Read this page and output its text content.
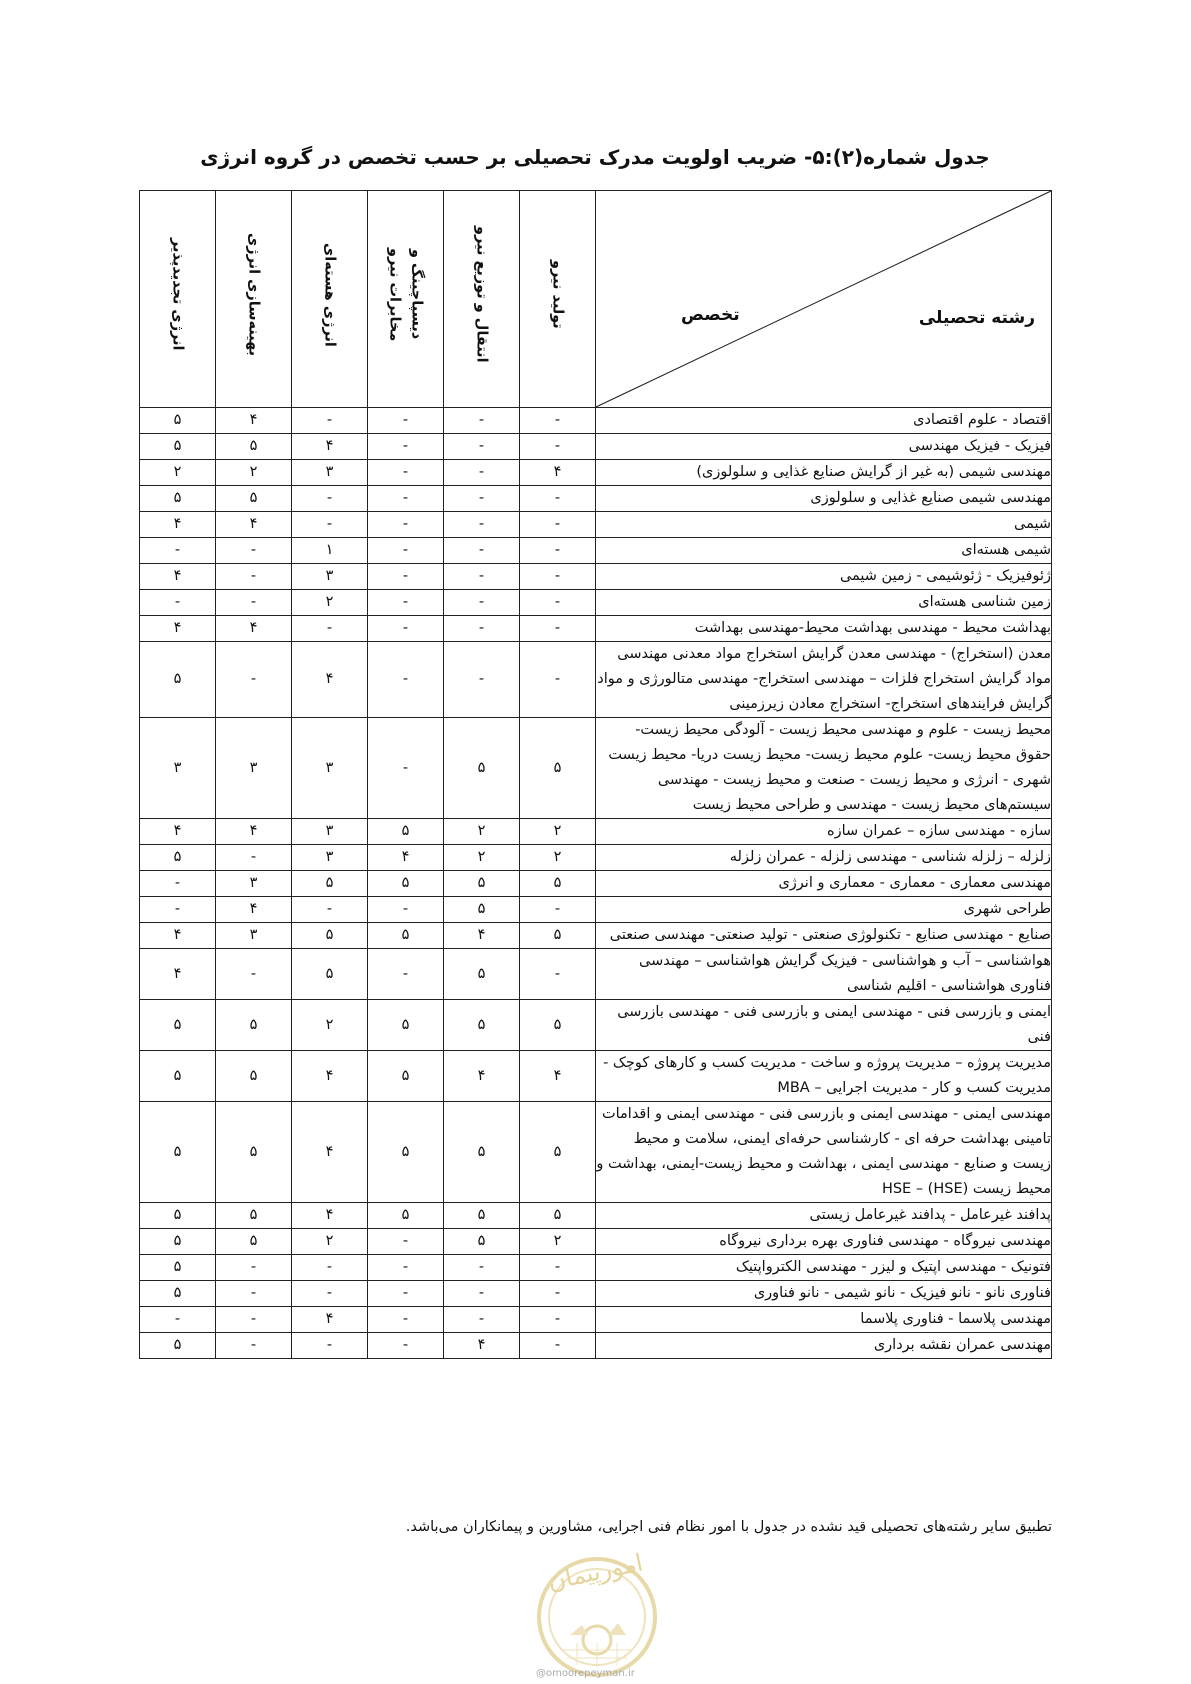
جدول شماره(۲):۵- ضریب اولویت مدرک تحصیلی بر حسب تخصص در گروه انرژی
رشته تحصیلی
تخصص	تولید نیرو	انتقال و توزیع نیرو	دیسپاچینگ و
مخابرات نیرو	انرژی هسته‌ای	بهینه‌سازی انرژی	انرژی تجدیدپذیر
اقتصاد - علوم اقتصادی	-	-	-	-	۴	۵
فیزیک - فیزیک مهندسی	-	-	-	۴	۵	۵
مهندسی شیمی (به غیر از گرایش صنایع غذایی و سلولوزی)	۴	-	-	۳	۲	۲
مهندسی شیمی صنایع غذایی و سلولوزی	-	-	-	-	۵	۵
شیمی	-	-	-	-	۴	۴
شیمی هسته‌ای	-	-	-	۱	-	-
ژئوفیزیک - ژئوشیمی - زمین شیمی	-	-	-	۳	-	۴
زمین شناسی هسته‌ای	-	-	-	۲	-	-
بهداشت محیط - مهندسی بهداشت محیط-مهندسی بهداشت	-	-	-	-	۴	۴
معدن (استخراج) - مهندسی معدن گرایش استخراج مواد معدنی مهندسی مواد گرایش استخراج فلزات – مهندسی استخراج- مهندسی متالورژی و مواد گرایش فرایندهای استخراج- استخراج معادن زیرزمینی	-	-	-	۴	-	۵
محیط زیست - علوم و مهندسی محیط زیست - آلودگی محیط زیست- حقوق محیط زیست- علوم محیط زیست- محیط زیست دریا- محیط زیست شهری - انرژی و محیط زیست - صنعت و محیط زیست - مهندسی سیستم‌های محیط زیست - مهندسی و طراحی محیط زیست	۵	۵	-	۳	۳	۳
سازه - مهندسی سازه – عمران سازه	۲	۲	۵	۳	۴	۴
زلزله – زلزله شناسی - مهندسی زلزله - عمران زلزله	۲	۲	۴	۳	-	۵
مهندسی معماری - معماری - معماری و انرژی	۵	۵	۵	۵	۳	-
طراحی شهری	-	۵	-	-	۴	-
صنایع - مهندسی صنایع - تکنولوژی صنعتی - تولید صنعتی- مهندسی صنعتی	۵	۴	۵	۵	۳	۴
هواشناسی – آب و هواشناسی - فیزیک گرایش هواشناسی – مهندسی فناوری هواشناسی - اقلیم شناسی	-	۵	-	۵	-	۴
ایمنی و بازرسی فنی - مهندسی ایمنی و بازرسی فنی - مهندسی بازرسی فنی	۵	۵	۵	۲	۵	۵
مدیریت پروژه – مدیریت پروژه و ساخت - مدیریت کسب و کارهای کوچک - مدیریت کسب و کار - مدیریت اجرایی – MBA	۴	۴	۵	۴	۵	۵
مهندسی ایمنی - مهندسی ایمنی و بازرسی فنی - مهندسی ایمنی و اقدامات تامینی بهداشت حرفه ای - کارشناسی حرفه‌ای ایمنی، سلامت و محیط زیست و صنایع - مهندسی ایمنی ، بهداشت و محیط زیست-ایمنی، بهداشت و محیط زیست (HSE) – HSE	۵	۵	۵	۴	۵	۵
پدافند غیرعامل - پدافند غیرعامل زیستی	۵	۵	۵	۴	۵	۵
مهندسی نیروگاه - مهندسی فناوری بهره برداری نیروگاه	۲	۵	-	۲	۵	۵
فتونیک - مهندسی اپتیک و لیزر - مهندسی الکترواپتیک	-	-	-	-	-	۵
فناوری نانو - نانو فیزیک - نانو شیمی - نانو فناوری	-	-	-	-	-	۵
مهندسی پلاسما - فناوری پلاسما	-	-	-	۴	-	-
مهندسی عمران نقشه برداری	-	۴	-	-	-	۵
تطبیق سایر رشته‌های تحصیلی قید نشده در جدول با امور نظام فنی اجرایی، مشاورین و پیمانکاران می‌باشد.
امورپیمان
@omoorepeyman.ir
